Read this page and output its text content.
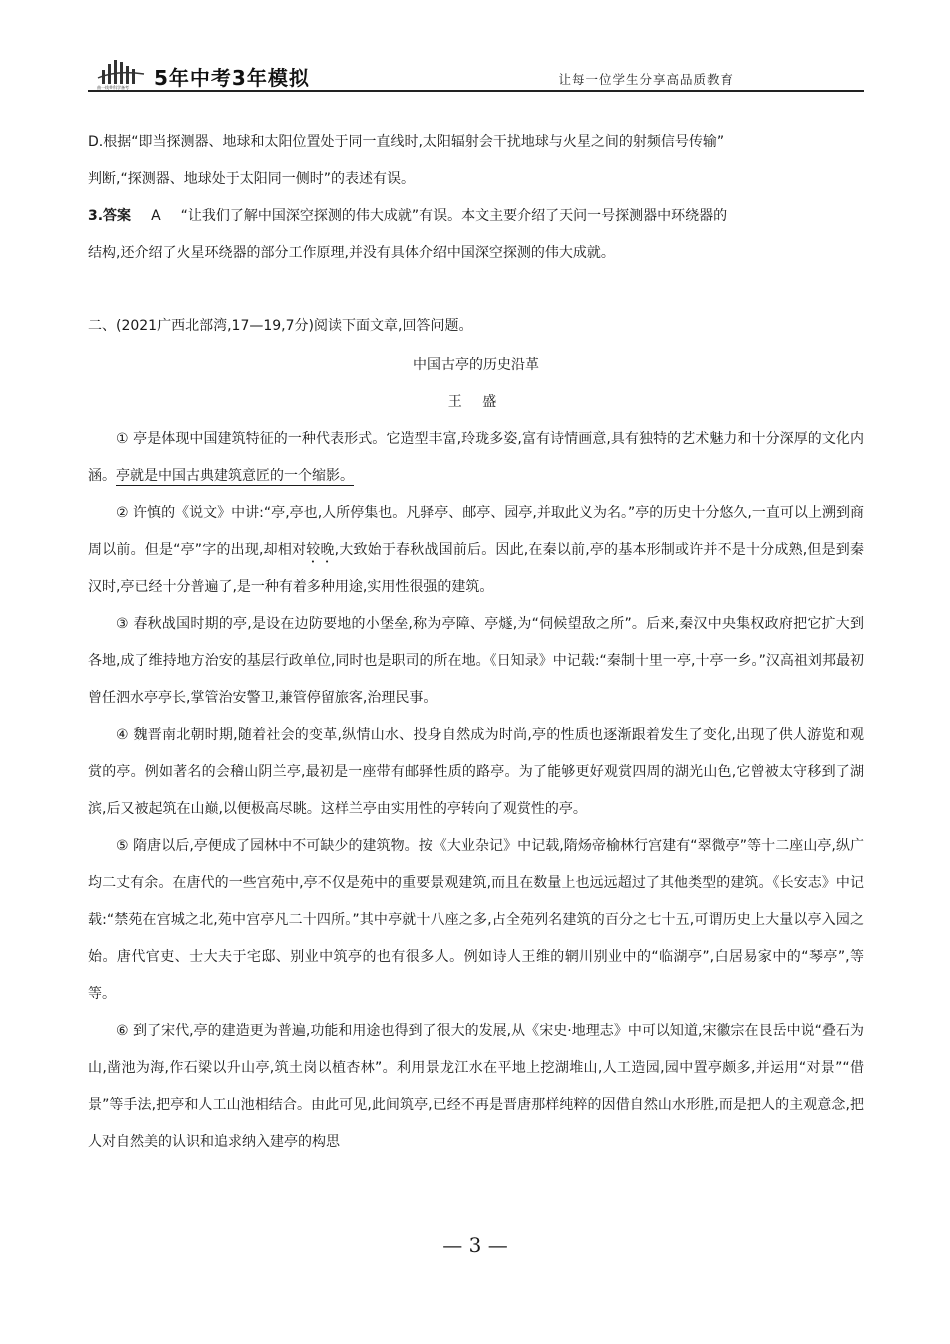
曲一线®科学备考 5年中考3年模拟	让每一位学生分享高品质教育

D.根据“即当探测器、地球和太阳位置处于同一直线时,太阳辐射会干扰地球与火星之间的射频信号传输”

判断,“探测器、地球处于太阳同一侧时”的表述有误。

3.答案 A “让我们了解中国深空探测的伟大成就”有误。本文主要介绍了天问一号探测器中环绕器的

结构,还介绍了火星环绕器的部分工作原理,并没有具体介绍中国深空探测的伟大成就。

二、(2021广西北部湾,17—19,7分)阅读下面文章,回答问题。

中国古亭的历史沿革

王 盛

① 亭是体现中国建筑特征的一种代表形式。它造型丰富,玲珑多姿,富有诗情画意,具有独特的艺术魅力和十分深厚的文化内涵。亭就是中国古典建筑意匠的一个缩影。

② 许慎的《说文》中讲:“亭,亭也,人所停集也。凡驿亭、邮亭、园亭,并取此义为名。”亭的历史十分悠久,一直可以上溯到商周以前。但是“亭”字的出现,却相对较晚,大致始于春秋战国前后。因此,在秦以前,亭的基本形制或许并不是十分成熟,但是到秦汉时,亭已经十分普遍了,是一种有着多种用途,实用性很强的建筑。

③ 春秋战国时期的亭,是设在边防要地的小堡垒,称为亭障、亭燧,为“伺候望敌之所”。后来,秦汉中央集权政府把它扩大到各地,成了维持地方治安的基层行政单位,同时也是职司的所在地。《日知录》中记载:“秦制十里一亭,十亭一乡。”汉高祖刘邦最初曾任泗水亭亭长,掌管治安警卫,兼管停留旅客,治理民事。

④ 魏晋南北朝时期,随着社会的变革,纵情山水、投身自然成为时尚,亭的性质也逐渐跟着发生了变化,出现了供人游览和观赏的亭。例如著名的会稽山阴兰亭,最初是一座带有邮驿性质的路亭。为了能够更好观赏四周的湖光山色,它曾被太守移到了湖滨,后又被起筑在山巅,以便极高尽眺。这样兰亭由实用性的亭转向了观赏性的亭。

⑤ 隋唐以后,亭便成了园林中不可缺少的建筑物。按《大业杂记》中记载,隋炀帝榆林行宫建有“翠微亭”等十二座山亭,纵广均二丈有余。在唐代的一些宫苑中,亭不仅是苑中的重要景观建筑,而且在数量上也远远超过了其他类型的建筑。《长安志》中记载:“禁苑在宫城之北,苑中宫亭凡二十四所。”其中亭就十八座之多,占全苑列名建筑的百分之七十五,可谓历史上大量以亭入园之始。唐代官吏、士大夫于宅邸、别业中筑亭的也有很多人。例如诗人王维的辋川别业中的“临湖亭”,白居易家中的“琴亭”,等等。

⑥ 到了宋代,亭的建造更为普遍,功能和用途也得到了很大的发展,从《宋史·地理志》中可以知道,宋徽宗在艮岳中说“叠石为山,凿池为海,作石梁以升山亭,筑土岗以植杏林”。利用景龙江水在平地上挖湖堆山,人工造园,园中置亭颇多,并运用“对景”“借景”等手法,把亭和人工山池相结合。由此可见,此间筑亭,已经不再是晋唐那样纯粹的因借自然山水形胜,而是把人的主观意念,把人对自然美的认识和追求纳入建亭的构思

— 3 —
